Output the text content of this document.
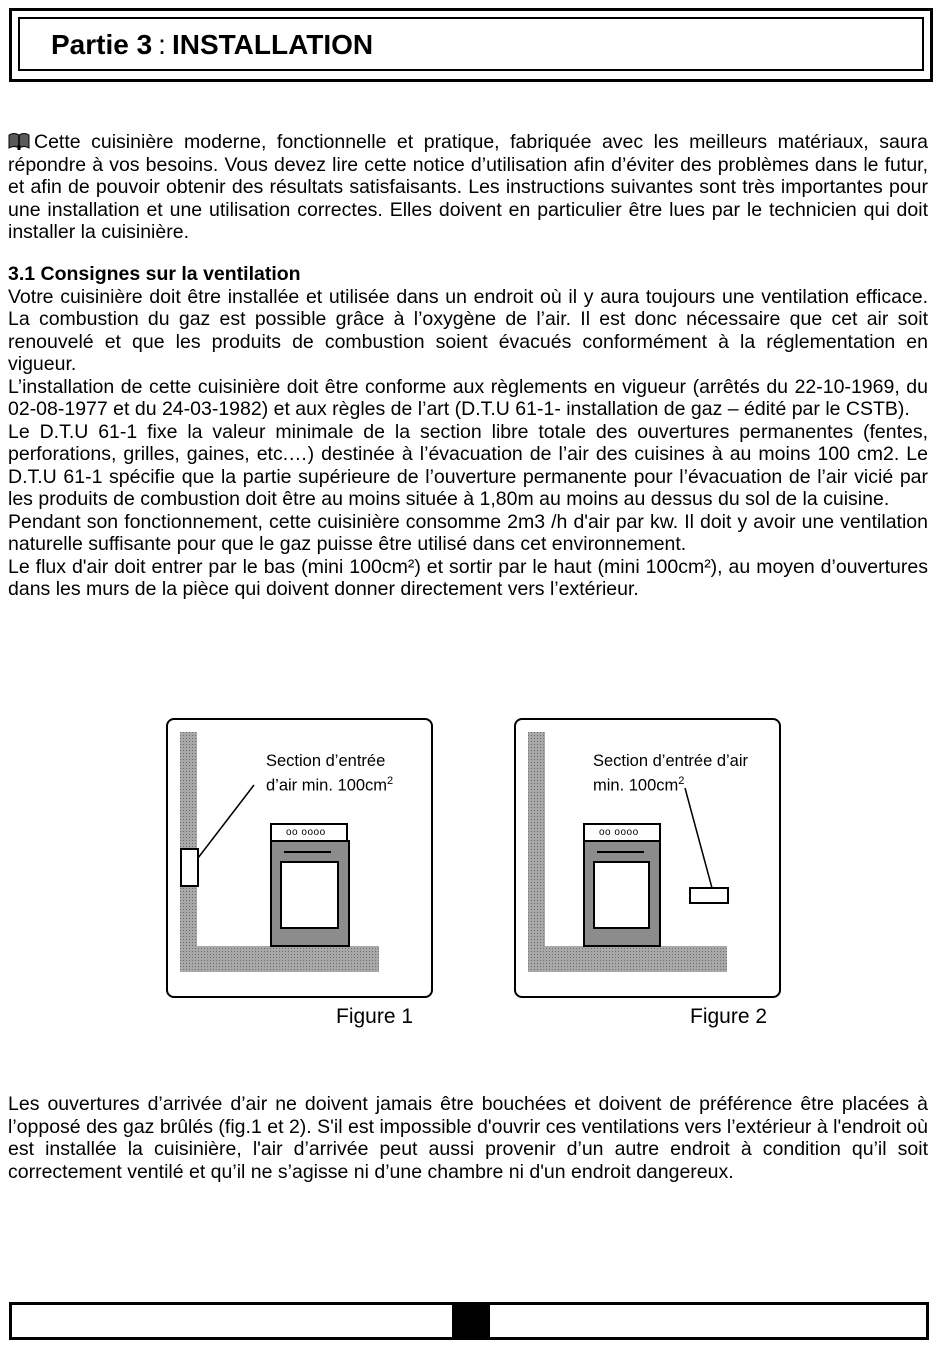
Partie 3 : INSTALLATION

Cette cuisinière moderne, fonctionnelle et pratique, fabriquée avec les meilleurs matériaux, saura répondre à vos besoins. Vous devez lire cette notice d’utilisation afin d’éviter des problèmes dans le futur, et afin de pouvoir obtenir des résultats satisfaisants. Les instructions suivantes sont très importantes pour une installation et une utilisation correctes. Elles doivent en particulier être lues par le technicien qui doit installer la cuisinière.

3.1 Consignes sur la ventilation

Votre cuisinière doit être installée et utilisée dans un endroit où il y aura toujours une ventilation efficace. La combustion du gaz est possible grâce à l’oxygène de l’air. Il est donc nécessaire que cet air soit renouvelé et que les produits de combustion soient évacués conformément à la réglementation en vigueur.

L’installation de cette cuisinière doit être conforme aux règlements en vigueur (arrêtés du 22-10-1969, du 02-08-1977 et du 24-03-1982) et aux règles de l’art (D.T.U 61-1- installation de gaz – édité par le CSTB).

Le D.T.U 61-1 fixe la valeur minimale de la section libre totale des ouvertures permanentes (fentes, perforations, grilles, gaines, etc.…) destinée à l’évacuation de l’air des cuisines à au moins 100 cm2. Le D.T.U 61-1 spécifie que la partie supérieure de l’ouverture permanente pour l’évacuation de l’air vicié par les produits de combustion doit être au moins située à 1,80m au moins au dessus du sol de la cuisine.

Pendant son fonctionnement, cette cuisinière consomme 2m3 /h d'air par kw. Il doit y avoir une ventilation naturelle suffisante pour que le gaz puisse être utilisé dans cet environnement.

Le flux d'air doit entrer par le bas (mini 100cm²) et sortir par le haut (mini 100cm²), au moyen d’ouvertures dans les murs de la pièce qui doivent donner directement vers l’extérieur.

Section d’entrée
d’air min. $100cm^2$
oo oooo
Figure 1
Section d’entrée d’air
min. $100cm^2$
oo oooo
Figure 2

Les ouvertures d’arrivée d’air ne doivent jamais être bouchées et doivent de préférence être placées à l’opposé des gaz brûlés (fig.1 et 2). S'il est impossible d'ouvrir ces ventilations vers l’extérieur à l'endroit où est installée la cuisinière, l'air d’arrivée peut aussi provenir d’un autre endroit à condition qu’il soit correctement ventilé et qu’il ne s’agisse ni d’une chambre ni d'un endroit dangereux.
